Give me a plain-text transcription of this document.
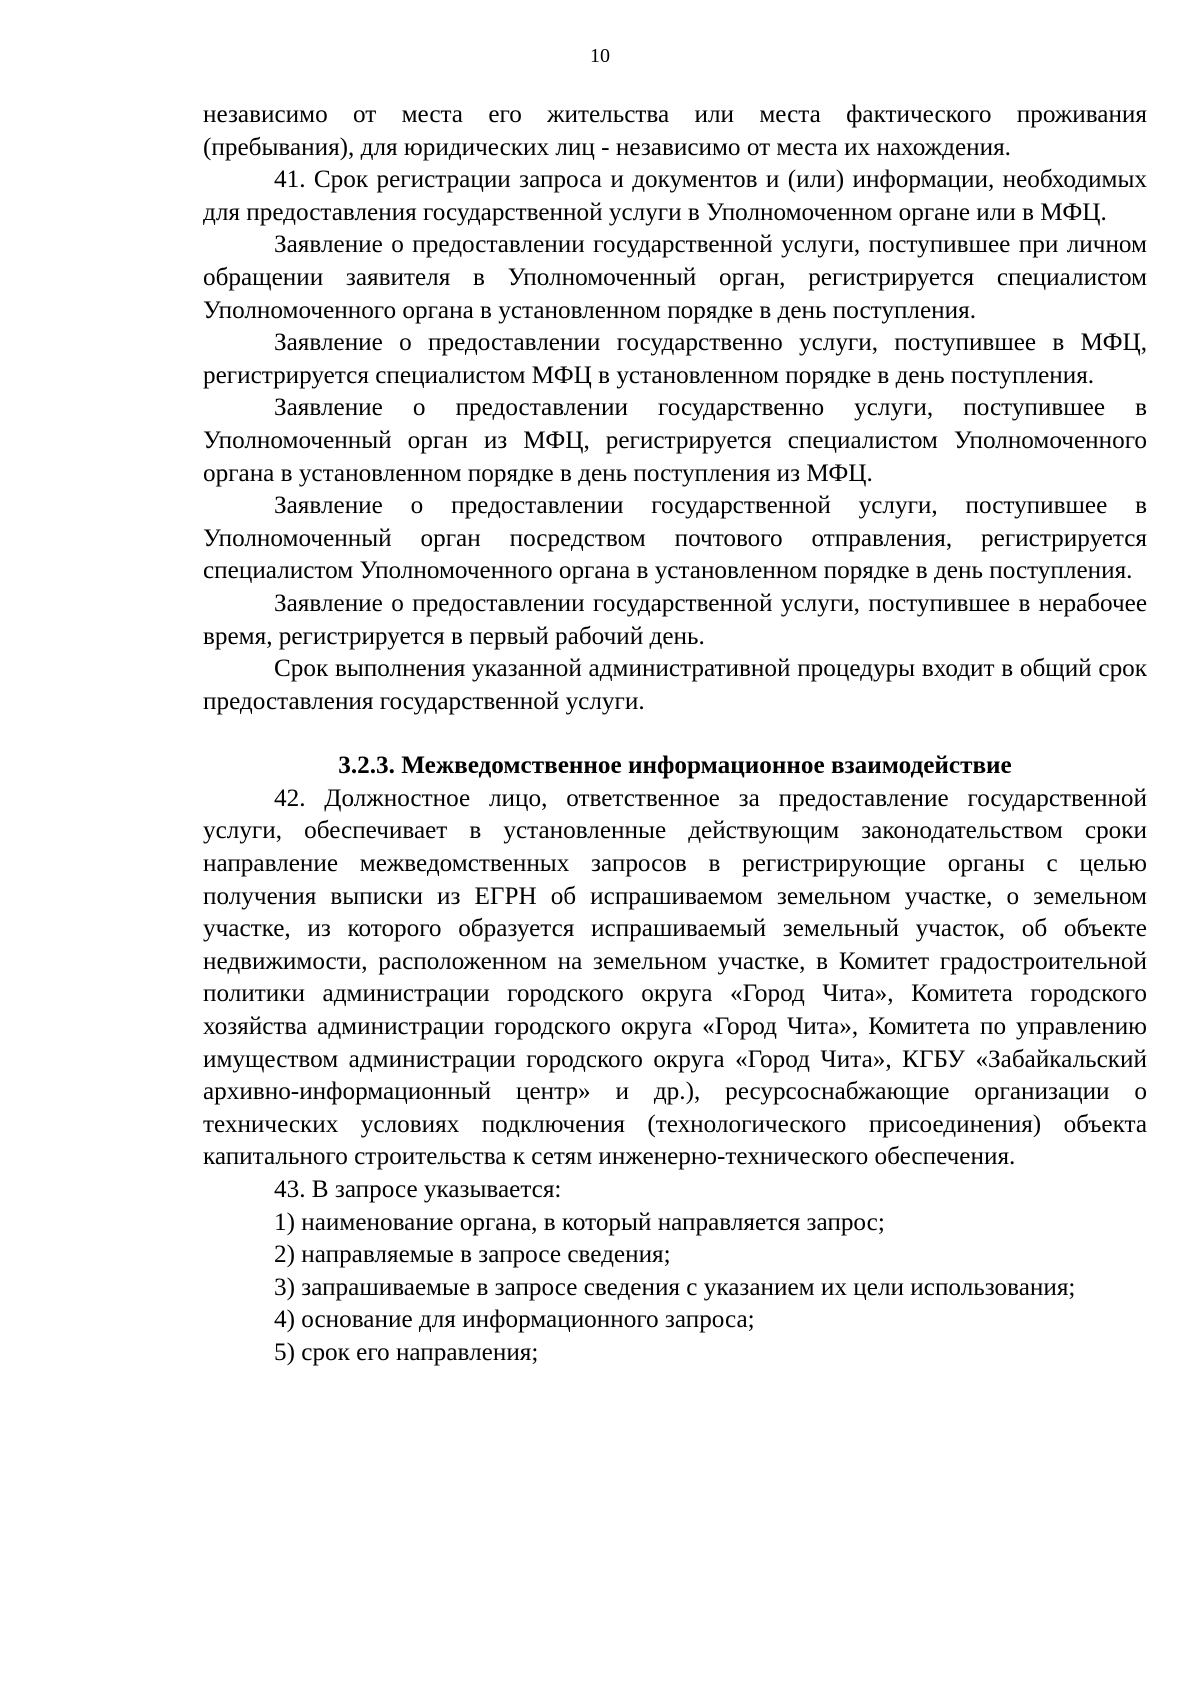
10

независимо от места его жительства или места фактического проживания (пребывания), для юридических лиц - независимо от места их нахождения.

41. Срок регистрации запроса и документов и (или) информации, необходимых для предоставления государственной услуги в Уполномоченном органе или в МФЦ.

Заявление о предоставлении государственной услуги, поступившее при личном обращении заявителя в Уполномоченный орган, регистрируется специалистом Уполномоченного органа в установленном порядке в день поступления.

Заявление о предоставлении государственно услуги, поступившее в МФЦ, регистрируется специалистом МФЦ в установленном порядке в день поступления.

Заявление о предоставлении государственно услуги, поступившее в Уполномоченный орган из МФЦ, регистрируется специалистом Уполномоченного органа в установленном порядке в день поступления из МФЦ.

Заявление о предоставлении государственной услуги, поступившее в Уполномоченный орган посредством почтового отправления, регистрируется специалистом Уполномоченного органа в установленном порядке в день поступления.

Заявление о предоставлении государственной услуги, поступившее в нерабочее время, регистрируется в первый рабочий день.

Срок выполнения указанной административной процедуры входит в общий срок предоставления государственной услуги.

3.2.3. Межведомственное информационное взаимодействие

42. Должностное лицо, ответственное за предоставление государственной услуги, обеспечивает в установленные действующим законодательством сроки направление межведомственных запросов в регистрирующие органы с целью получения выписки из ЕГРН об испрашиваемом земельном участке, о земельном участке, из которого образуется испрашиваемый земельный участок, об объекте недвижимости, расположенном на земельном участке, в Комитет градостроительной политики администрации городского округа «Город Чита», Комитета городского хозяйства администрации городского округа «Город Чита», Комитета по управлению имуществом администрации городского округа «Город Чита», КГБУ «Забайкальский архивно-информационный центр» и др.), ресурсоснабжающие организации о технических условиях подключения (технологического присоединения) объекта капитального строительства к сетям инженерно-технического обеспечения.

43. В запросе указывается:

1) наименование органа, в который направляется запрос;

2) направляемые в запросе сведения;

3) запрашиваемые в запросе сведения с указанием их цели использования;

4) основание для информационного запроса;

5) срок его направления;
